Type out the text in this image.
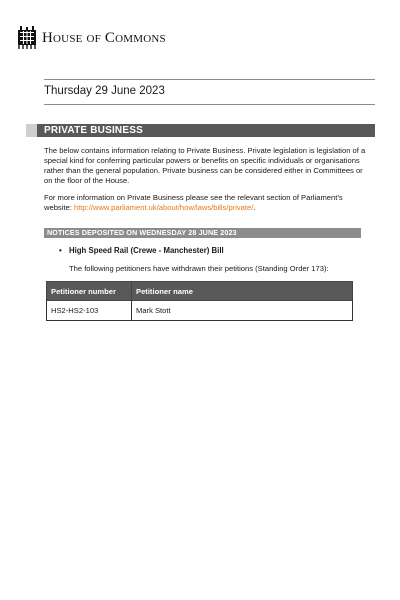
House of Commons
Thursday 29 June 2023
PRIVATE BUSINESS
The below contains information relating to Private Business. Private legislation is legislation of a special kind for conferring particular powers or benefits on specific individuals or organisations rather than the general population. Private business can be considered either in Committees or on the floor of the House.
For more information on Private Business please see the relevant section of Parliament’s website: http://www.parliament.uk/about/how/laws/bills/private/.
NOTICES DEPOSITED ON WEDNESDAY 28 JUNE 2023
• High Speed Rail (Crewe - Manchester) Bill
The following petitioners have withdrawn their petitions (Standing Order 173):
Petitioner number	Petitioner name
HS2-HS2-103	Mark Stott
